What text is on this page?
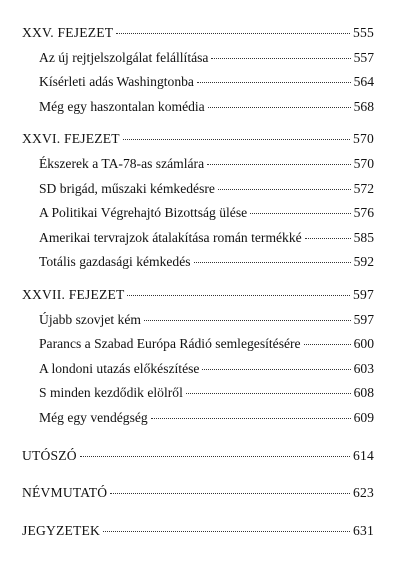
XXV. FEJEZET	555
Az új rejtjelszolgálat felállítása	557
Kísérleti adás Washingtonba	564
Még egy haszontalan komédia	568
XXVI. FEJEZET	570
Ékszerek a TA-78-as számlára	570
SD brigád, műszaki kémkedésre	572
A Politikai Végrehajtó Bizottság ülése	576
Amerikai tervrajzok átalakítása román termékké	585
Totális gazdasági kémkedés	592
XXVII. FEJEZET	597
Újabb szovjet kém	597
Parancs a Szabad Európa Rádió semlegesítésére	600
A londoni utazás előkészítése	603
S minden kezdődik elölről	608
Még egy vendégség	609
UTÓSZÓ	614
NÉVMUTATÓ	623
JEGYZETEK	631
